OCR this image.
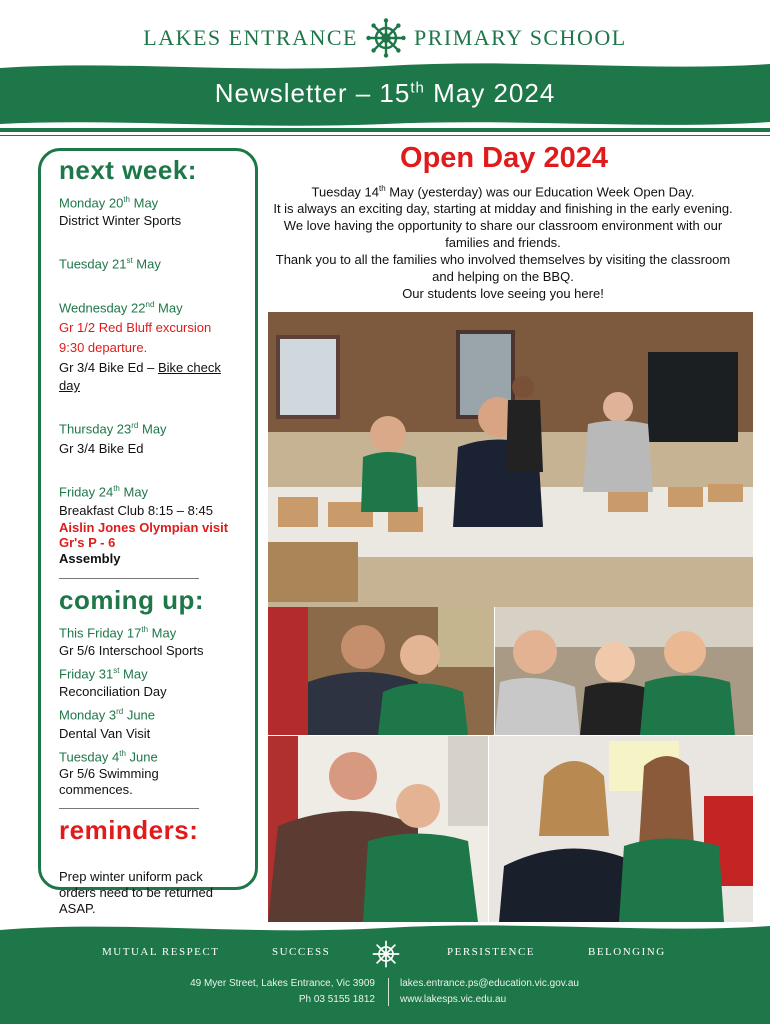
LAKES ENTRANCE	PRIMARY SCHOOL
Newsletter – 15th May 2024
next week:
Monday 20th May
District Winter Sports
Tuesday 21st May
Wednesday 22nd May
Gr 1/2 Red Bluff excursion
9:30 departure.
Gr 3/4 Bike Ed – Bike check day
Thursday 23rd May
Gr 3/4 Bike Ed
Friday 24th May
Breakfast Club 8:15 – 8:45
Aislin Jones Olympian visit Gr's P - 6
Assembly
coming up:
This Friday 17th May
Gr 5/6 Interschool Sports
Friday 31st May
Reconciliation Day
Monday 3rd June
Dental Van Visit
Tuesday 4th June
Gr 5/6 Swimming commences.
reminders:
Prep winter uniform pack orders need to be returned ASAP.
Open Day 2024
Tuesday 14th May (yesterday) was our Education Week Open Day.
It is always an exciting day, starting at midday and finishing in the early evening. We love having the opportunity to share our classroom environment with our families and friends.
Thank you to all the families who involved themselves by visiting the classroom and helping on the BBQ.
Our students love seeing you here!
MUTUAL RESPECT	SUCCESS	PERSISTENCE	BELONGING
49 Myer Street, Lakes Entrance, Vic 3909
Ph 03 5155 1812
lakes.entrance.ps@education.vic.gov.au
www.lakesps.vic.edu.au
